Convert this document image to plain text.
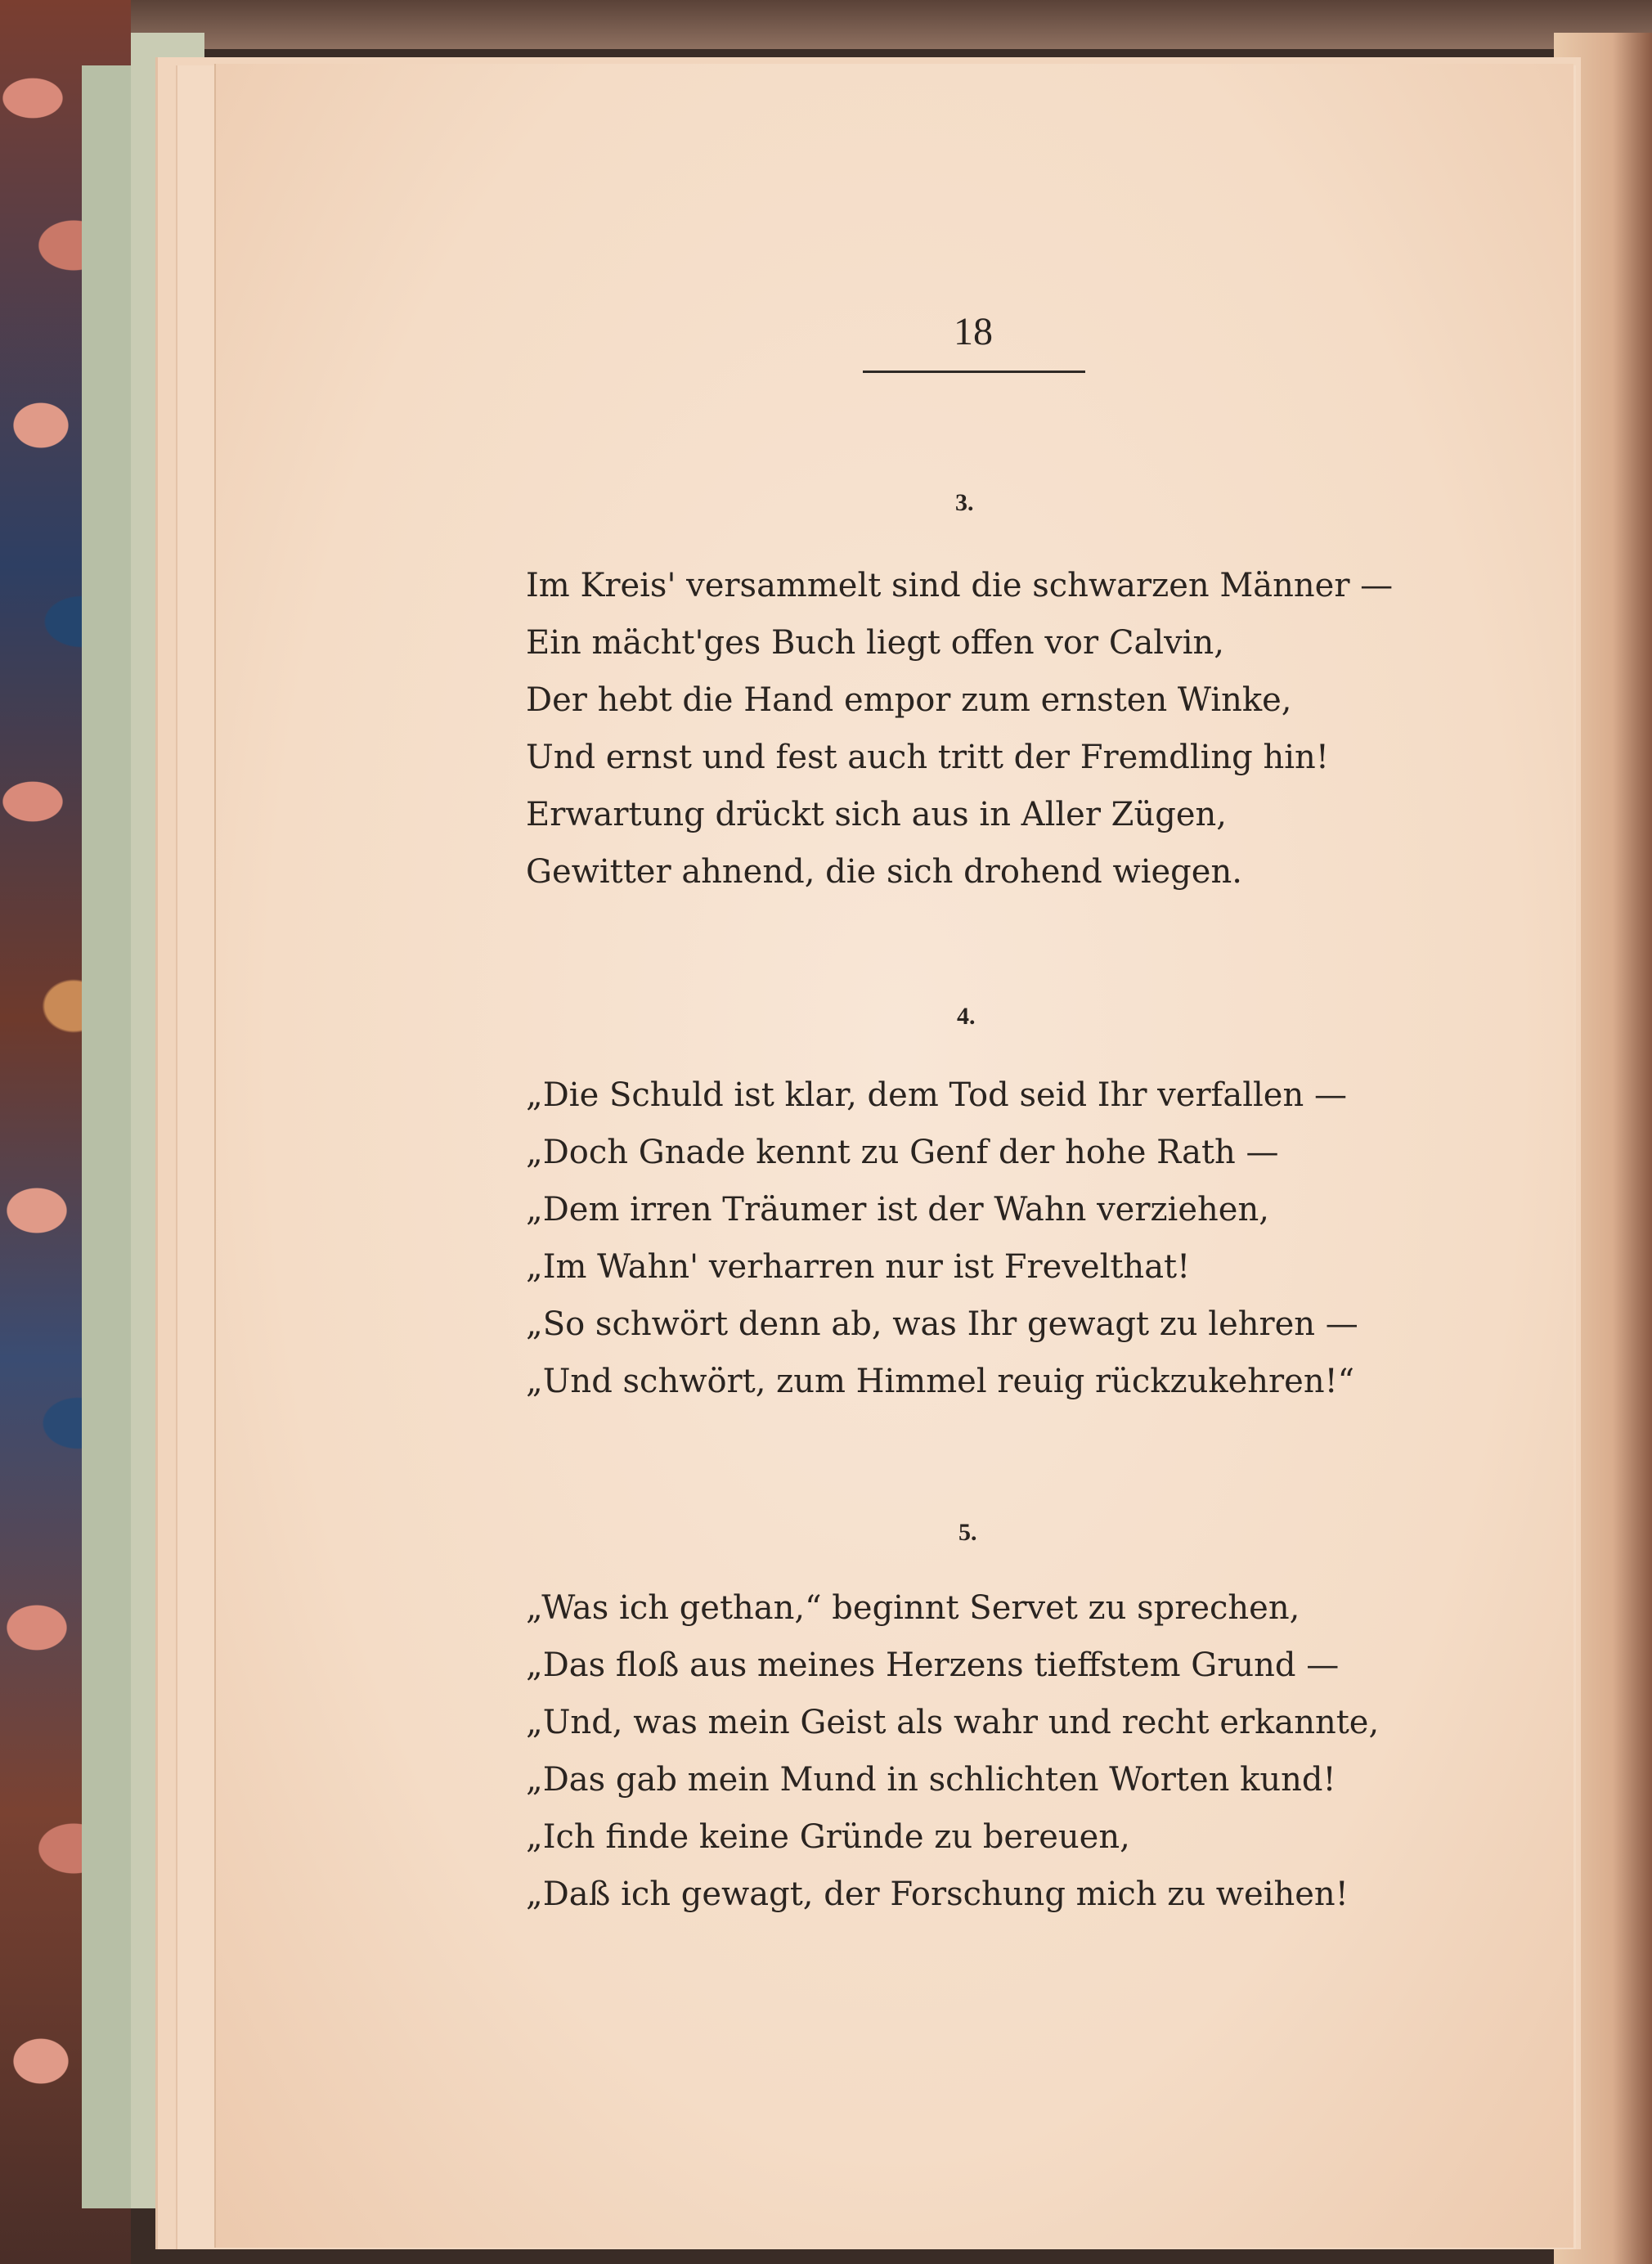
18
3.
Im Kreis' versammelt sind die schwarzen Männer —
Ein mächt'ges Buch liegt offen vor Calvin,
Der hebt die Hand empor zum ernsten Winke,
Und ernst und fest auch tritt der Fremdling hin!
Erwartung drückt sich aus in Aller Zügen,
Gewitter ahnend, die sich drohend wiegen.
4.
„Die Schuld ist klar, dem Tod seid Ihr verfallen —
„Doch Gnade kennt zu Genf der hohe Rath —
„Dem irren Träumer ist der Wahn verziehen,
„Im Wahn' verharren nur ist Frevelthat!
„So schwört denn ab, was Ihr gewagt zu lehren —
„Und schwört, zum Himmel reuig rückzukehren!“
5.
„Was ich gethan,“ beginnt Servet zu sprechen,
„Das floß aus meines Herzens tieffstem Grund —
„Und, was mein Geist als wahr und recht erkannte,
„Das gab mein Mund in schlichten Worten kund!
„Ich finde keine Gründe zu bereuen,
„Daß ich gewagt, der Forschung mich zu weihen!
